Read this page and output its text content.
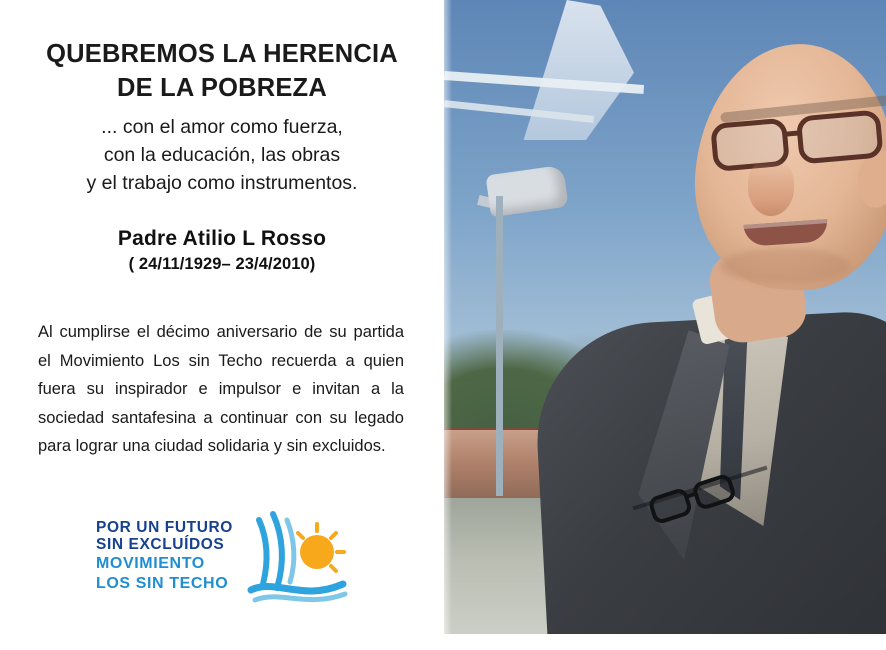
QUEBREMOS LA HERENCIA
DE LA POBREZA
... con el amor como fuerza,
con la educación, las obras
y el trabajo como instrumentos.
Padre Atilio L Rosso
( 24/11/1929– 23/4/2010)

Al cumplirse el décimo aniversario de su partida el Movimiento Los sin Techo recuerda a quien fuera su inspirador e impulsor e invitan a la sociedad santafesina a continuar con su legado para lograr una ciudad solidaria y sin excluidos.

POR UN FUTURO
SIN EXCLUÍDOS
MOVIMIENTO
LOS SIN TECHO
